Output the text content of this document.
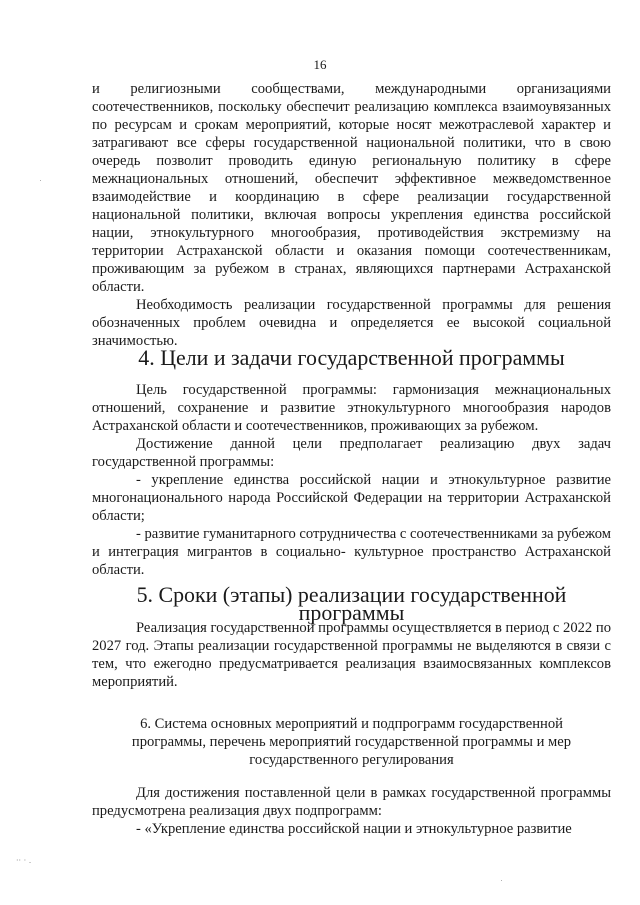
16

и религиозными сообществами, международными организациями соотечественников, поскольку обеспечит реализацию комплекса взаимоувязанных по ресурсам и срокам мероприятий, которые носят межотраслевой характер и затрагивают все сферы государственной национальной политики, что в свою очередь позволит проводить единую региональную политику в сфере межнациональных отношений, обеспечит эффективное межведомственное взаимодействие и координацию в сфере реализации государственной национальной политики, включая вопросы укрепления единства российской нации, этнокультурного многообразия, противодействия экстремизму на территории Астраханской области и оказания помощи соотечественникам, проживающим за рубежом в странах, являющихся партнерами Астраханской области.

Необходимость реализации государственной программы для решения обозначенных проблем очевидна и определяется ее высокой социальной значимостью.

4. Цели и задачи государственной программы

Цель государственной программы: гармонизация межнациональных отношений, сохранение и развитие этнокультурного многообразия народов Астраханской области и соотечественников, проживающих за рубежом.

Достижение данной цели предполагает реализацию двух задач государственной программы:

- укрепление единства российской нации и этнокультурное развитие многонационального народа Российской Федерации на территории Астраханской области;

- развитие гуманитарного сотрудничества с соотечественниками за рубежом и интеграция мигрантов в социально- культурное пространство Астраханской области.

5. Сроки (этапы) реализации государственной программы

Реализация государственной программы осуществляется в период с 2022 по 2027 год. Этапы реализации государственной программы не выделяются в связи с тем, что ежегодно предусматривается реализация взаимосвязанных комплексов мероприятий.

6. Система основных мероприятий и подпрограмм государственной
программы, перечень мероприятий государственной программы и мер
государственного регулирования

Для достижения поставленной цели в рамках государственной программы предусмотрена реализация двух подпрограмм:

- «Укрепление единства российской нации и этнокультурное развитие

·· · .
